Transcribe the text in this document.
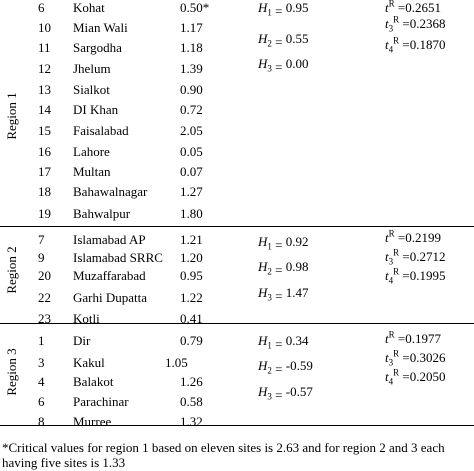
Region 1
Region 2
Region 3
6 Kohat	0.50*
10 Mian Wali	1.17
11 Sargodha	1.18
12 Jhelum	1.39
13 Sialkot	0.90
14 DI Khan	0.72
15 Faisalabad	2.05
16 Lahore	0.05
17 Multan	0.07
18 Bahawalnagar	1.27
19 Bahwalpur	1.80
$H_1$ $_=$ 0.95
$H_2$ $_=$ 0.55
$H_3$ $_=$ 0.00
$t^R =0.2651$
$t_3^R =0.2368$
$t_4^R =0.1870$
7 Islamabad AP	1.21
9 Islamabad SRRC 1.20
20 Muzaffarabad	0.95
22 Garhi Dupatta	1.22
23 Kotli	0.41
$H_1$ $_=$ 0.92
$H_2$ $_=$ 0.98
$H_3$ $_=$ 1.47
$t^R =0.2199$
$t_3^R =0.2712$
$t_4^R =0.1995$
1 Dir	0.79
3 Kakul	1.05
4 Balakot	1.26
6 Parachinar	0.58
8 Murree	1.32
$H_1$ $_=$ 0.34
$H_2$ $_=$ -0.59
$H_3$ $_=$ -0.57
$t^R =0.1977$
$t_3^R =0.3026$
$t_4^R =0.2050$
*Critical values for region 1 based on eleven sites is 2.63 and for region 2 and 3 each having five sites is 1.33
